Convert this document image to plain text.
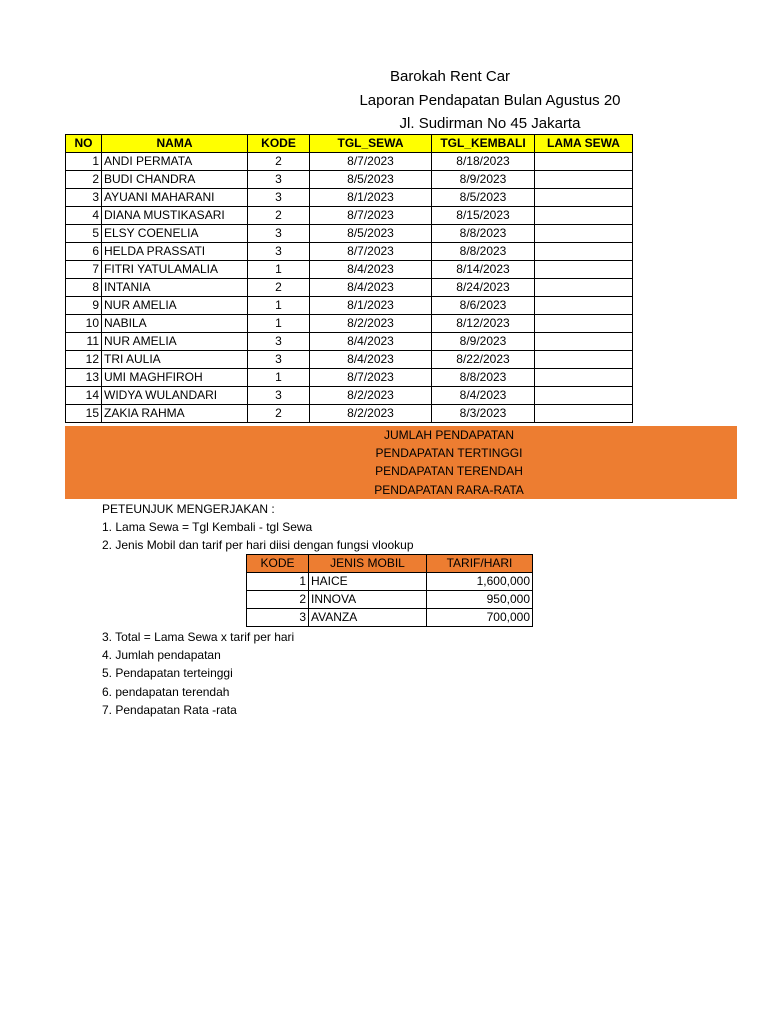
Barokah Rent Car
Laporan Pendapatan Bulan Agustus 20
Jl. Sudirman No 45 Jakarta
NO	NAMA	KODE	TGL_SEWA	TGL_KEMBALI	LAMA SEWA
1	ANDI PERMATA	2	8/7/2023	8/18/2023	
2	BUDI CHANDRA	3	8/5/2023	8/9/2023	
3	AYUANI MAHARANI	3	8/1/2023	8/5/2023	
4	DIANA MUSTIKASARI	2	8/7/2023	8/15/2023	
5	ELSY COENELIA	3	8/5/2023	8/8/2023	
6	HELDA PRASSATI	3	8/7/2023	8/8/2023	
7	FITRI YATULAMALIA	1	8/4/2023	8/14/2023	
8	INTANIA	2	8/4/2023	8/24/2023	
9	NUR AMELIA	1	8/1/2023	8/6/2023	
10	NABILA	1	8/2/2023	8/12/2023	
11	NUR AMELIA	3	8/4/2023	8/9/2023	
12	TRI AULIA	3	8/4/2023	8/22/2023	
13	UMI MAGHFIROH	1	8/7/2023	8/8/2023	
14	WIDYA WULANDARI	3	8/2/2023	8/4/2023	
15	ZAKIA RAHMA	2	8/2/2023	8/3/2023	
JUMLAH PENDAPATAN
PENDAPATAN TERTINGGI
PENDAPATAN TERENDAH
PENDAPATAN RARA-RATA
PETEUNJUK MENGERJAKAN :
1. Lama Sewa = Tgl Kembali - tgl Sewa
2. Jenis Mobil dan tarif per hari diisi dengan fungsi vlookup
KODE	JENIS MOBIL	TARIF/HARI
1	HAICE	1,600,000
2	INNOVA	950,000
3	AVANZA	700,000
3. Total = Lama Sewa x tarif per hari
4. Jumlah pendapatan
5. Pendapatan terteinggi
6. pendapatan terendah
7. Pendapatan Rata -rata
